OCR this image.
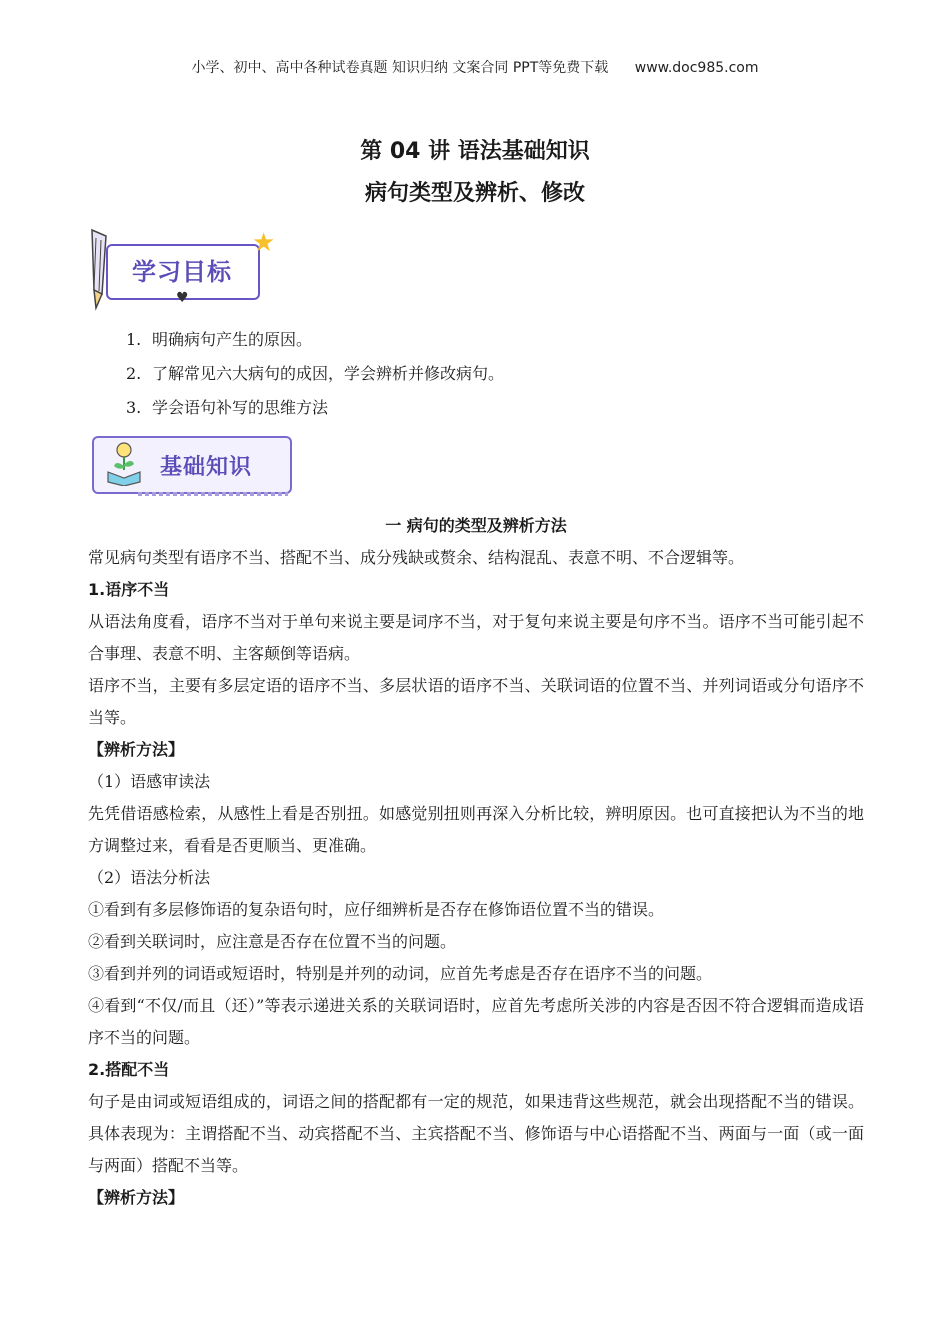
小学、初中、高中各种试卷真题 知识归纳 文案合同 PPT等免费下载 www.doc985.com
第 04 讲 语法基础知识
病句类型及辨析、修改
★
学习目标
♥
1. 明确病句产生的原因。
2. 了解常见六大病句的成因，学会辨析并修改病句。
3. 学会语句补写的思维方法
基础知识

一 病句的类型及辨析方法

常见病句类型有语序不当、搭配不当、成分残缺或赘余、结构混乱、表意不明、不合逻辑等。

1.语序不当

从语法角度看，语序不当对于单句来说主要是词序不当，对于复句来说主要是句序不当。语序不当可能引起不合事理、表意不明、主客颠倒等语病。

语序不当，主要有多层定语的语序不当、多层状语的语序不当、关联词语的位置不当、并列词语或分句语序不当等。

【辨析方法】

（1）语感审读法

先凭借语感检索，从感性上看是否别扭。如感觉别扭则再深入分析比较，辨明原因。也可直接把认为不当的地方调整过来，看看是否更顺当、更准确。

（2）语法分析法

①看到有多层修饰语的复杂语句时，应仔细辨析是否存在修饰语位置不当的错误。

②看到关联词时，应注意是否存在位置不当的问题。

③看到并列的词语或短语时，特别是并列的动词，应首先考虑是否存在语序不当的问题。

④看到“不仅/而且（还）”等表示递进关系的关联词语时，应首先考虑所关涉的内容是否因不符合逻辑而造成语序不当的问题。

2.搭配不当

句子是由词或短语组成的，词语之间的搭配都有一定的规范，如果违背这些规范，就会出现搭配不当的错误。具体表现为：主谓搭配不当、动宾搭配不当、主宾搭配不当、修饰语与中心语搭配不当、两面与一面（或一面与两面）搭配不当等。

【辨析方法】
